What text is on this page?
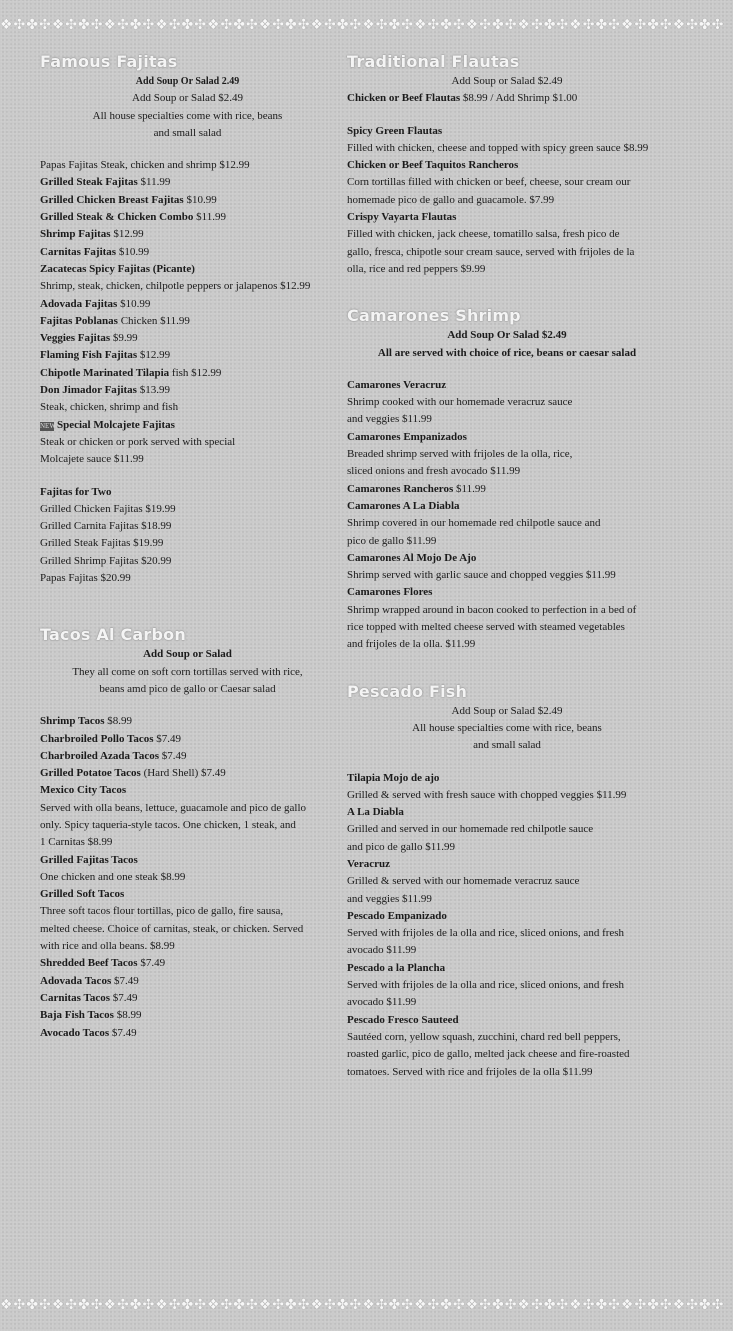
❖✣✤✣❖✣✤✣❖✣✤✣❖✣✤✣❖✣✤✣❖✣✤✣❖✣✤✣❖✣✤✣❖✣✤✣❖✣✤✣❖✣✤✣❖✣✤✣❖✣✤✣❖✣✤✣
Famous Fajitas
Add Soup Or Salad 2.49
Add Soup or Salad $2.49
All house specialties come with rice, beans
and small salad
Papas Fajitas Steak, chicken and shrimp $12.99
Grilled Steak Fajitas $11.99
Grilled Chicken Breast Fajitas $10.99
Grilled Steak & Chicken Combo $11.99
Shrimp Fajitas $12.99
Carnitas Fajitas $10.99
Zacatecas Spicy Fajitas (Picante)
Shrimp, steak, chicken, chilpotle peppers or jalapenos $12.99
Adovada Fajitas $10.99
Fajitas Poblanas Chicken $11.99
Veggies Fajitas $9.99
Flaming Fish Fajitas $12.99
Chipotle Marinated Tilapia fish $12.99
Don Jimador Fajitas $13.99
Steak, chicken, shrimp and fish
NEWSpecial Molcajete Fajitas
Steak or chicken or pork served with special
Molcajete sauce $11.99
Fajitas for Two
Grilled Chicken Fajitas $19.99
Grilled Carnita Fajitas $18.99
Grilled Steak Fajitas $19.99
Grilled Shrimp Fajitas $20.99
Papas Fajitas $20.99
Tacos Al Carbon
Add Soup or Salad
They all come on soft corn tortillas served with rice,
beans amd pico de gallo or Caesar salad
Shrimp Tacos $8.99
Charbroiled Pollo Tacos $7.49
Charbroiled Azada Tacos $7.49
Grilled Potatoe Tacos (Hard Shell) $7.49
Mexico City Tacos
Served with olla beans, lettuce, guacamole and pico de gallo
only. Spicy taqueria-style tacos. One chicken, 1 steak, and
1 Carnitas $8.99
Grilled Fajitas Tacos
One chicken and one steak $8.99
Grilled Soft Tacos
Three soft tacos flour tortillas, pico de gallo, fire sausa,
melted cheese. Choice of carnitas, steak, or chicken. Served
with rice and olla beans. $8.99
Shredded Beef Tacos $7.49
Adovada Tacos $7.49
Carnitas Tacos $7.49
Baja Fish Tacos $8.99
Avocado Tacos $7.49
Traditional Flautas
Add Soup or Salad $2.49
Chicken or Beef Flautas $8.99 / Add Shrimp $1.00
Spicy Green Flautas
Filled with chicken, cheese and topped with spicy green sauce $8.99
Chicken or Beef Taquitos Rancheros
Corn tortillas filled with chicken or beef, cheese, sour cream our
homemade pico de gallo and guacamole. $7.99
Crispy Vayarta Flautas
Filled with chicken, jack cheese, tomatillo salsa, fresh pico de
gallo, fresca, chipotle sour cream sauce, served with frijoles de la
olla, rice and red peppers $9.99
Camarones Shrimp
Add Soup Or Salad $2.49
All are served with choice of rice, beans or caesar salad
Camarones Veracruz
Shrimp cooked with our homemade veracruz sauce
and veggies $11.99
Camarones Empanizados
Breaded shrimp served with frijoles de la olla, rice,
sliced onions and fresh avocado $11.99
Camarones Rancheros $11.99
Camarones A La Diabla
Shrimp covered in our homemade red chilpotle sauce and
pico de gallo $11.99
Camarones Al Mojo De Ajo
Shrimp served with garlic sauce and chopped veggies $11.99
Camarones Flores
Shrimp wrapped around in bacon cooked to perfection in a bed of
rice topped with melted cheese served with steamed vegetables
and frijoles de la olla. $11.99
Pescado Fish
Add Soup or Salad $2.49
All house specialties come with rice, beans
and small salad
Tilapia Mojo de ajo
Grilled & served with fresh sauce with chopped veggies $11.99
A La Diabla
Grilled and served in our homemade red chilpotle sauce
and pico de gallo $11.99
Veracruz
Grilled & served with our homemade veracruz sauce
and veggies $11.99
Pescado Empanizado
Served with frijoles de la olla and rice, sliced onions, and fresh
avocado $11.99
Pescado a la Plancha
Served with frijoles de la olla and rice, sliced onions, and fresh
avocado $11.99
Pescado Fresco Sauteed
Sautéed corn, yellow squash, zucchini, chard red bell peppers,
roasted garlic, pico de gallo, melted jack cheese and fire-roasted
tomatoes. Served with rice and frijoles de la olla $11.99
❖✣✤✣❖✣✤✣❖✣✤✣❖✣✤✣❖✣✤✣❖✣✤✣❖✣✤✣❖✣✤✣❖✣✤✣❖✣✤✣❖✣✤✣❖✣✤✣❖✣✤✣❖✣✤✣
